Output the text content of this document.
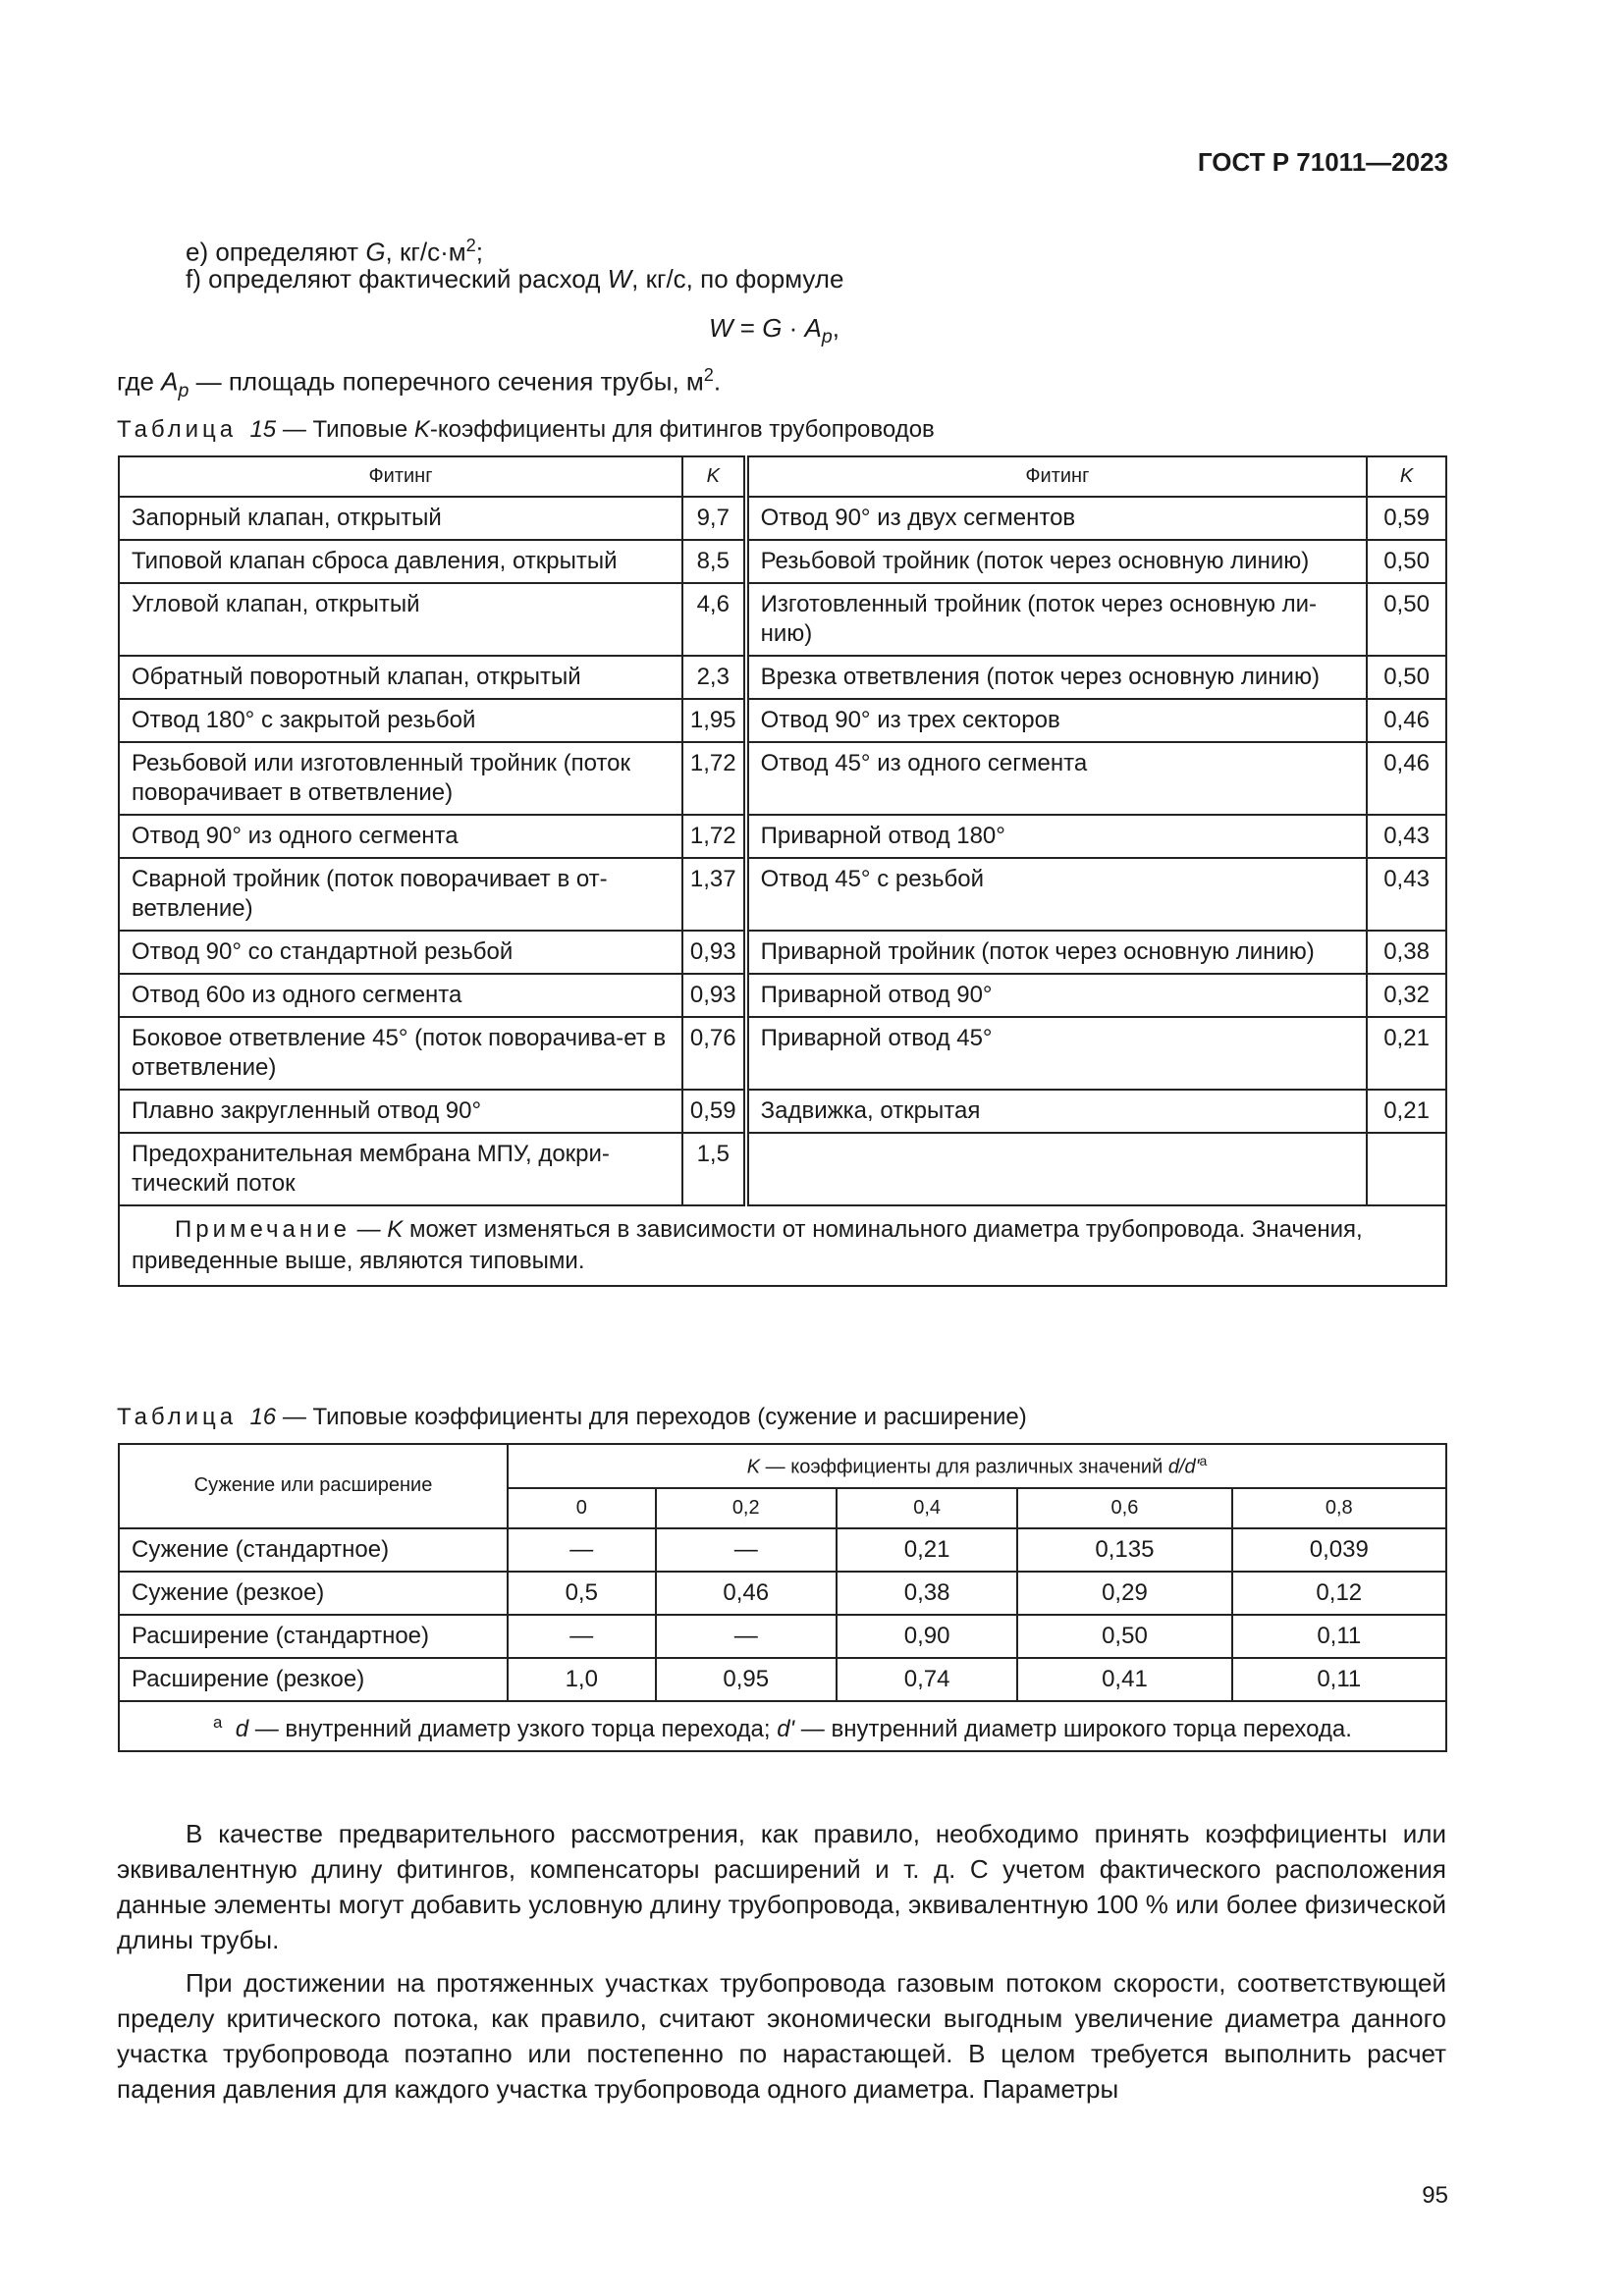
ГОСТ Р 71011—2023
е) определяют G, $кг/с\cdot м^2$;
f) определяют фактический расход W, кг/с, по формуле
$W = G \cdot A_p$,
где $A_p$ — площадь поперечного сечения трубы, $м^2$.
Таблица 15 — Типовые K-коэффициенты для фитингов трубопроводов
Фитинг	K	Фитинг	K
Запорный клапан, открытый	9,7	Отвод 90° из двух сегментов	0,59
Типовой клапан сброса давления, открытый	8,5	Резьбовой тройник (поток через основную линию)	0,50
Угловой клапан, открытый	4,6	Изготовленный тройник (поток через основную ли-нию)	0,50
Обратный поворотный клапан, открытый	2,3	Врезка ответвления (поток через основную линию)	0,50
Отвод 180° с закрытой резьбой	1,95	Отвод 90° из трех секторов	0,46
Резьбовой или изготовленный тройник (поток поворачивает в ответвление)	1,72	Отвод 45° из одного сегмента	0,46
Отвод 90° из одного сегмента	1,72	Приварной отвод 180°	0,43
Сварной тройник (поток поворачивает в от-ветвление)	1,37	Отвод 45° с резьбой	0,43
Отвод 90° со стандартной резьбой	0,93	Приварной тройник (поток через основную линию)	0,38
Отвод 60о из одного сегмента	0,93	Приварной отвод 90°	0,32
Боковое ответвление 45° (поток поворачива-ет в ответвление)	0,76	Приварной отвод 45°	0,21
Плавно закругленный отвод 90°	0,59	Задвижка, открытая	0,21
Предохранительная мембрана МПУ, докри-тический поток	1,5		
Примечание — K может изменяться в зависимости от номинального диаметра трубопровода. Значения, приведенные выше, являются типовыми.			
Таблица 16 — Типовые коэффициенты для переходов (сужение и расширение)
Сужение или расширение	K — коэффициенты для различных значений $d/d'^a$
	0	0,2	0,4	0,6	0,8
Сужение (стандартное)	—	—	0,21	0,135	0,039
Сужение (резкое)	0,5	0,46	0,38	0,29	0,12
Расширение (стандартное)	—	—	0,90	0,50	0,11
Расширение (резкое)	1,0	0,95	0,74	0,41	0,11
$^a$ d — внутренний диаметр узкого торца перехода; d' — внутренний диаметр широкого торца перехода.					

В качестве предварительного рассмотрения, как правило, необходимо принять коэффициенты или эквивалентную длину фитингов, компенсаторы расширений и т. д. С учетом фактического расположения данные элементы могут добавить условную длину трубопровода, эквивалентную 100 % или более физической длины трубы.

При достижении на протяженных участках трубопровода газовым потоком скорости, соответствующей пределу критического потока, как правило, считают экономически выгодным увеличение диаметра данного участка трубопровода поэтапно или постепенно по нарастающей. В целом требуется выполнить расчет падения давления для каждого участка трубопровода одного диаметра. Параметры

95
